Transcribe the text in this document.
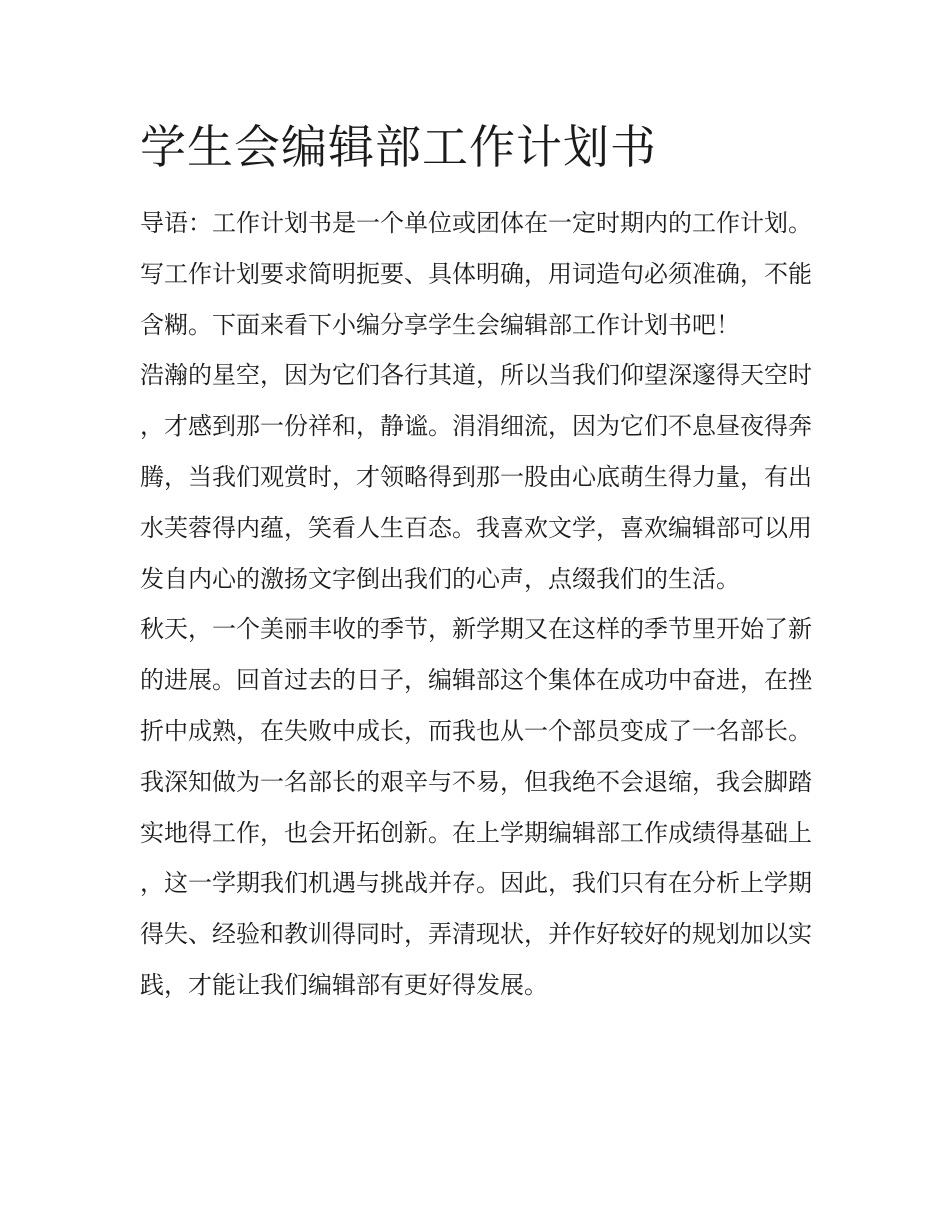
学生会编辑部工作计划书

导语：工作计划书是一个单位或团体在一定时期内的工作计划。写工作计划要求简明扼要、具体明确，用词造句必须准确，不能含糊。下面来看下小编分享学生会编辑部工作计划书吧！

浩瀚的星空，因为它们各行其道，所以当我们仰望深邃得天空时，才感到那一份祥和，静谧。涓涓细流，因为它们不息昼夜得奔腾，当我们观赏时，才领略得到那一股由心底萌生得力量，有出水芙蓉得内蕴，笑看人生百态。我喜欢文学，喜欢编辑部可以用发自内心的激扬文字倒出我们的心声，点缀我们的生活。

秋天，一个美丽丰收的季节，新学期又在这样的季节里开始了新的进展。回首过去的日子，编辑部这个集体在成功中奋进，在挫折中成熟，在失败中成长，而我也从一个部员变成了一名部长。我深知做为一名部长的艰辛与不易，但我绝不会退缩，我会脚踏实地得工作，也会开拓创新。在上学期编辑部工作成绩得基础上，这一学期我们机遇与挑战并存。因此，我们只有在分析上学期得失、经验和教训得同时，弄清现状，并作好较好的规划加以实践，才能让我们编辑部有更好得发展。
